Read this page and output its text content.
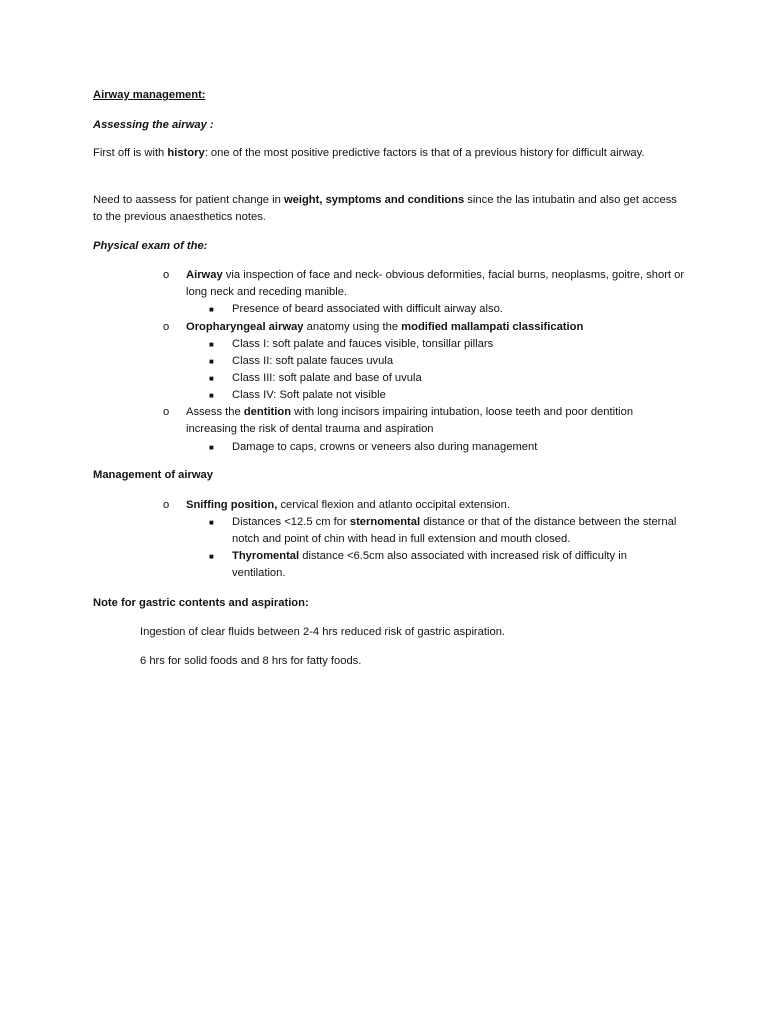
Airway management:

Assessing the airway :

First off is with history: one of the most positive predictive factors is that of a previous history for difficult airway.

Need to aassess for patient change in weight, symptoms and conditions since the las intubatin and also get access to the previous anaesthetics notes.

Physical exam of the:

o	Airway via inspection of face and neck- obvious deformities, facial burns, neoplasms, goitre, short or long neck and receding manible.

■ Presence of beard associated with difficult airway also.

o	Oropharyngeal airway anatomy using the modified mallampati classification

■ Class I: soft palate and fauces visible, tonsillar pillars

■ Class II: soft palate fauces uvula

■ Class III: soft palate and base of uvula

■ Class IV: Soft palate not visible

o	Assess the dentition with long incisors impairing intubation, loose teeth and poor dentition increasing the risk of dental trauma and aspiration

■ Damage to caps, crowns or veneers also during management

Management of airway

o	Sniffing position, cervical flexion and atlanto occipital extension.

■ Distances <12.5 cm for sternomental distance or that of the distance between the sternal notch and point of chin with head in full extension and mouth closed.

■ Thyromental distance <6.5cm also associated with increased risk of difficulty in ventilation.

Note for gastric contents and aspiration:

Ingestion of clear fluids between 2-4 hrs reduced risk of gastric aspiration.

6 hrs for solid foods and 8 hrs for fatty foods.
